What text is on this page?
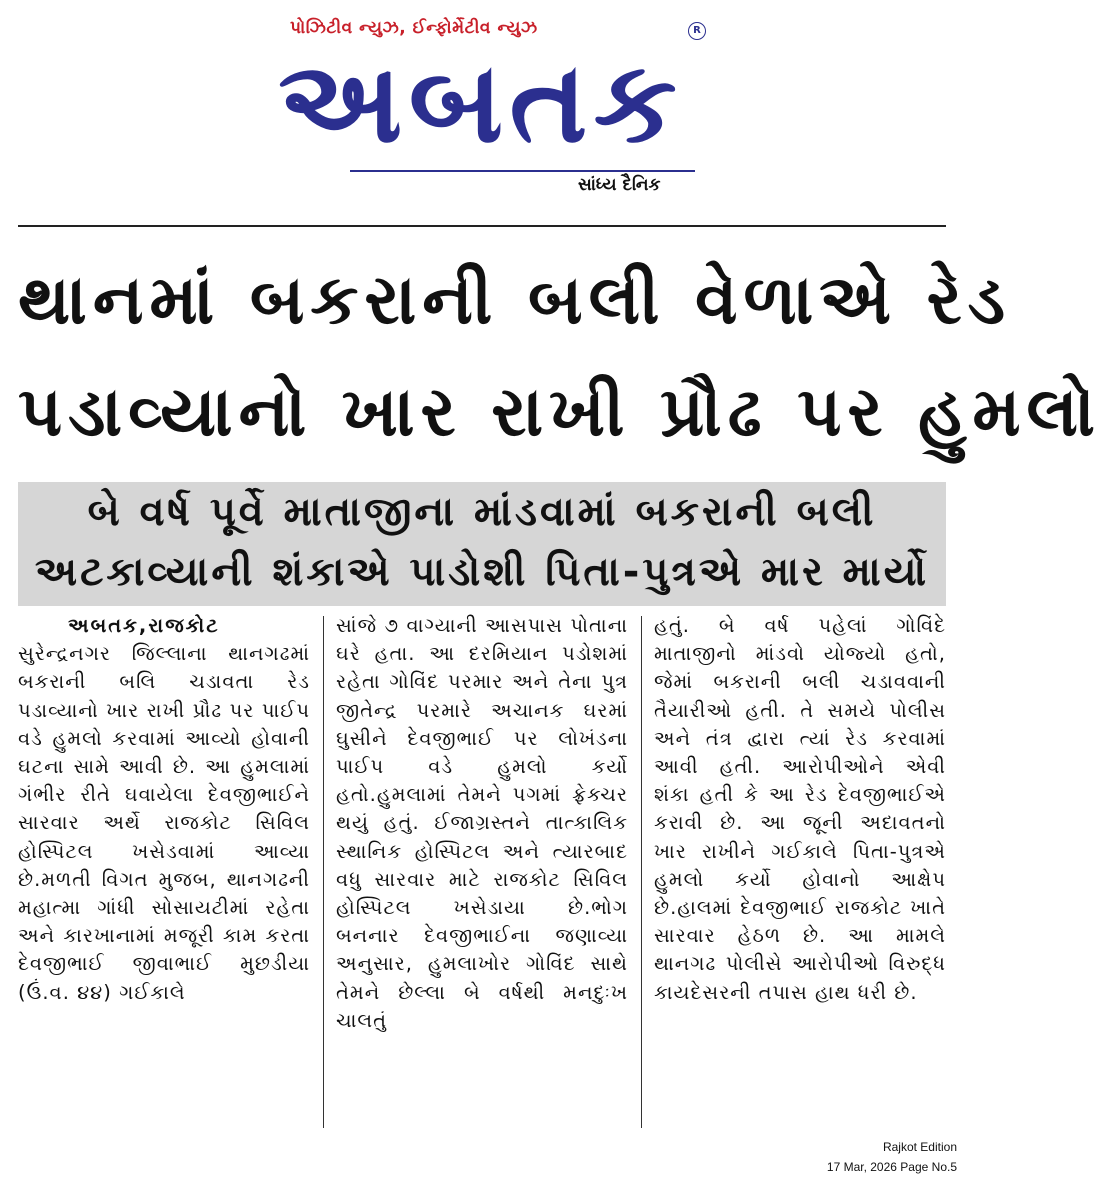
પોઝિટીવ ન્યુઝ, ઈન્ફોર્મેટીવ ન્યુઝ	R
અબતક
સાંધ્ય દૈનિક
થાનમાં બકરાની બલી વેળાએ રેડ
પડાવ્યાનો ખાર રાખી પ્રૌઢ પર હુમલો
બે વર્ષ પૂર્વે માતાજીના માંડવામાં બકરાની બલી
અટકાવ્યાની શંકાએ પાડોશી પિતા-પુત્રએ માર માર્યો
અબતક,રાજકોટ

સુરેન્દ્રનગર જિલ્લાના થાનગઢમાં બકરાની બલિ ચડાવતા રેડ પડાવ્યાનો ખાર રાખી પ્રૌઢ પર પાઈપ વડે હુમલો કરવામાં આવ્યો હોવાની ઘટના સામે આવી છે. આ હુમલામાં ગંભીર રીતે ઘવાયેલા દેવજીભાઈને સારવાર અર્થે રાજકોટ સિવિલ હોસ્પિટલ ખસેડવામાં આવ્યા છે.મળતી વિગત મુજબ, થાનગઢની મહાત્મા ગાંધી સોસાયટીમાં રહેતા અને કારખાનામાં મજૂરી કામ કરતા દેવજીભાઈ જીવાભાઈ મુછડીયા (ઉં.વ. ૪૪) ગઈકાલે

સાંજે ૭ વાગ્યાની આસપાસ પોતાના ઘરે હતા. આ દરમિયાન પડોશમાં રહેતા ગોવિંદ પરમાર અને તેના પુત્ર જીતેન્દ્ર પરમારે અચાનક ઘરમાં ઘુસીને દેવજીભાઈ પર લોખંડના પાઈપ વડે હુમલો કર્યો હતો.હુમલામાં તેમને પગમાં ફ્રેક્ચર થયું હતું. ઈજાગ્રસ્તને તાત્કાલિક સ્થાનિક હોસ્પિટલ અને ત્યારબાદ વધુ સારવાર માટે રાજકોટ સિવિલ હોસ્પિટલ ખસેડાયા છે.ભોગ બનનાર દેવજીભાઈના જણાવ્યા અનુસાર, હુમલાખોર ગોવિંદ સાથે તેમને છેલ્લા બે વર્ષથી મનદુઃખ ચાલતું

હતું. બે વર્ષ પહેલાં ગોવિંદે માતાજીનો માંડવો યોજ્યો હતો, જેમાં બકરાની બલી ચડાવવાની તૈયારીઓ હતી. તે સમયે પોલીસ અને તંત્ર દ્વારા ત્યાં રેડ કરવામાં આવી હતી. આરોપીઓને એવી શંકા હતી કે આ રેડ દેવજીભાઈએ કરાવી છે. આ જૂની અદાવતનો ખાર રાખીને ગઈકાલે પિતા-પુત્રએ હુમલો કર્યો હોવાનો આક્ષેપ છે.હાલમાં દેવજીભાઈ રાજકોટ ખાતે સારવાર હેઠળ છે. આ મામલે થાનગઢ પોલીસે આરોપીઓ વિરુદ્ધ કાયદેસરની તપાસ હાથ ધરી છે.

Rajkot Edition
17 Mar, 2026 Page No.5
